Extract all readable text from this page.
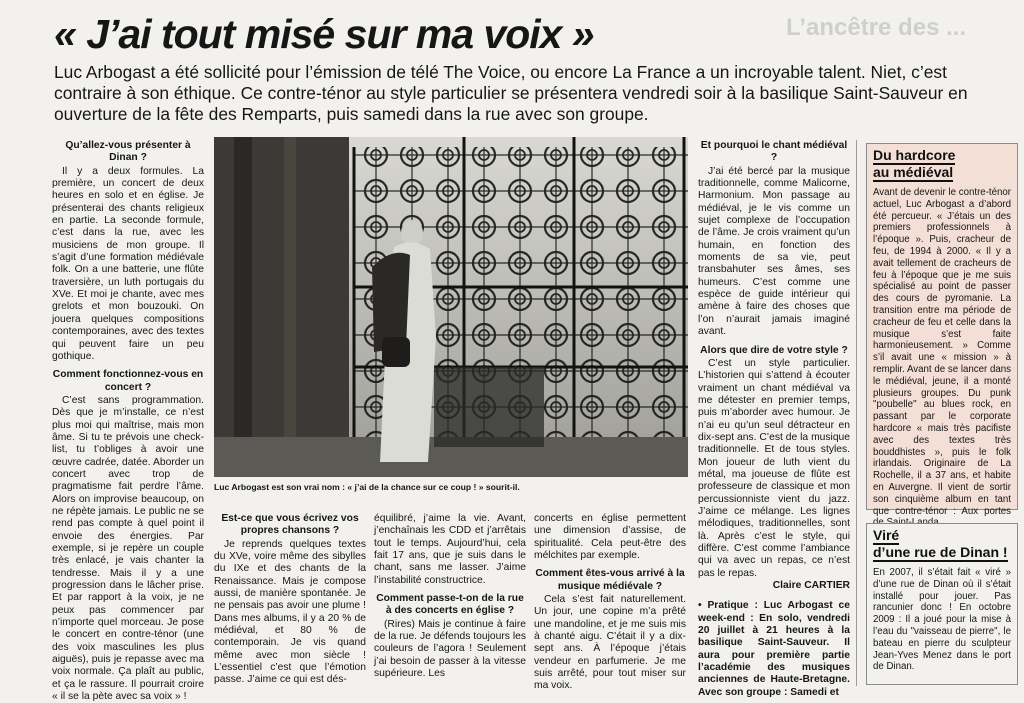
« J’ai tout misé sur ma voix »	L’ancêtre des ...
Luc Arbogast a été sollicité pour l’émission de télé The Voice, ou encore La France a un incroyable talent. Niet, c’est contraire à son éthique. Ce contre-ténor au style particulier se présentera vendredi soir à la basilique Saint-Sauveur en ouverture de la fête des Remparts, puis samedi dans la rue avec son groupe.
Qu’allez-vous présenter à Dinan ?

Il y a deux formules. La première, un concert de deux heures en solo et en église. Je présenterai des chants religieux en partie. La seconde formule, c’est dans la rue, avec les musiciens de mon groupe. Il s’agit d’une formation médiévale folk. On a une batterie, une flûte traversière, un luth portugais du XVe. Et moi je chante, avec mes grelots et mon bouzouki. On jouera quelques compositions contemporaines, avec des textes qui peuvent faire un peu gothique.

Comment fonctionnez-vous en concert ?

C’est sans programmation. Dès que je m’installe, ce n’est plus moi qui maîtrise, mais mon âme. Si tu te prévois une check-list, tu t’obliges à avoir une œuvre cadrée, datée. Aborder un concert avec trop de pragmatisme fait perdre l’âme. Alors on improvise beaucoup, on ne répète jamais. Le public ne se rend pas compte à quel point il envoie des énergies. Par exemple, si je repère un couple très enlacé, je vais chanter la tendresse. Mais il y a une progression dans le lâcher prise. Et par rapport à la voix, je ne peux pas commencer par n’importe quel morceau. Je pose le concert en contre-ténor (une des voix masculines les plus aiguës), puis je repasse avec ma voix normale. Ça plaît au public, et ça le rassure. Il pourrait croire « il se la pète avec sa voix » !

Luc Arbogast est son vrai nom : « j’ai de la chance sur ce coup ! » sourit-il.
Est-ce que vous écrivez vos propres chansons ?

Je reprends quelques textes du XVe, voire même des sibylles du IXe et des chants de la Renaissance. Mais je compose aussi, de manière spontanée. Je ne pensais pas avoir une plume ! Dans mes albums, il y a 20 % de médiéval, et 80 % de contemporain. Je vis quand même avec mon siècle ! L’essentiel c’est que l’émotion passe. J’aime ce qui est dés-

équilibré, j’aime la vie. Avant, j’enchaînais les CDD et j’arrêtais tout le temps. Aujourd’hui, cela fait 17 ans, que je suis dans le chant, sans me lasser. J’aime l’instabilité constructrice.

Comment passe-t-on de la rue à des concerts en église ?

(Rires) Mais je continue à faire de la rue. Je défends toujours les couleurs de l’agora ! Seulement j’ai besoin de passer à la vitesse supérieure. Les

concerts en église permettent une dimension d’assise, de spiritualité. Cela peut-être des mélchites par exemple.

Comment êtes-vous arrivé à la musique médiévale ?

Cela s’est fait naturellement. Un jour, une copine m’a prêté une mandoline, et je me suis mis à chanté aigu. C’était il y a dix-sept ans. À l’époque j’étais vendeur en parfumerie. Je me suis arrêté, pour tout miser sur ma voix.

Et pourquoi le chant médiéval ?

J’ai été bercé par la musique traditionnelle, comme Malicorne, Harmonium. Mon passage au médiéval, je le vis comme un sujet complexe de l’occupation de l’âme. Je crois vraiment qu’un humain, en fonction des moments de sa vie, peut transbahuter ses âmes, ses humeurs. C’est comme une espèce de guide intérieur qui amène à faire des choses que l’on n’aurait jamais imaginé avant.

Alors que dire de votre style ?

C’est un style particulier. L’historien qui s’attend à écouter vraiment un chant médiéval va me détester en premier temps, puis m’aborder avec humour. Je n’ai eu qu’un seul détracteur en dix-sept ans. C’est de la musique traditionnelle. Et de tous styles. Mon joueur de luth vient du métal, ma joueuse de flûte est professeure de classique et mon percussionniste vient du jazz. J’aime ce mélange. Les lignes mélodiques, traditionnelles, sont là. Après c’est le style, qui diffère. C’est comme l’ambiance qui va avec un repas, ce n’est pas le repas.

Claire CARTIER

• Pratique : Luc Arbogast ce week-end : En solo, vendredi 20 juillet à 21 heures à la basilique Saint-Sauveur. Il aura pour première partie l’académie des musiques anciennes de Haute-Bretagne. Avec son groupe : Samedi et

Du hardcore
au médiéval
Avant de devenir le contre-ténor actuel, Luc Arbogast a d’abord été percueur. « J’étais un des premiers professionnels à l’époque ». Puis, cracheur de feu, de 1994 à 2000. « Il y a avait tellement de cracheurs de feu à l’époque que je me suis spécialisé au point de passer des cours de pyromanie. La transition entre ma période de cracheur de feu et celle dans la musique s’est faite harmonieusement. » Comme s’il avait une « mission » à remplir. Avant de se lancer dans le médiéval, jeune, il a monté plusieurs groupes. Du punk "poubelle" au blues rock, en passant par le corporate hardcore « mais très pacifiste avec des textes très bouddhistes », puis le folk irlandais. Originaire de La Rochelle, il a 37 ans, et habite en Auvergne. Il vient de sortir son cinquième album en tant que contre-ténor : Aux portes
Viré
d’une rue de Dinan !
En 2007, il s’était fait « viré » d’une rue de Dinan où il s’était installé pour jouer. Pas rancunier donc ! En octobre 2009 : Il a joué pour la mise à l’eau du "vaisseau de pierre", le bateau en pierre du sculpteur Jean-Yves Menez dans le port de Dinan.
